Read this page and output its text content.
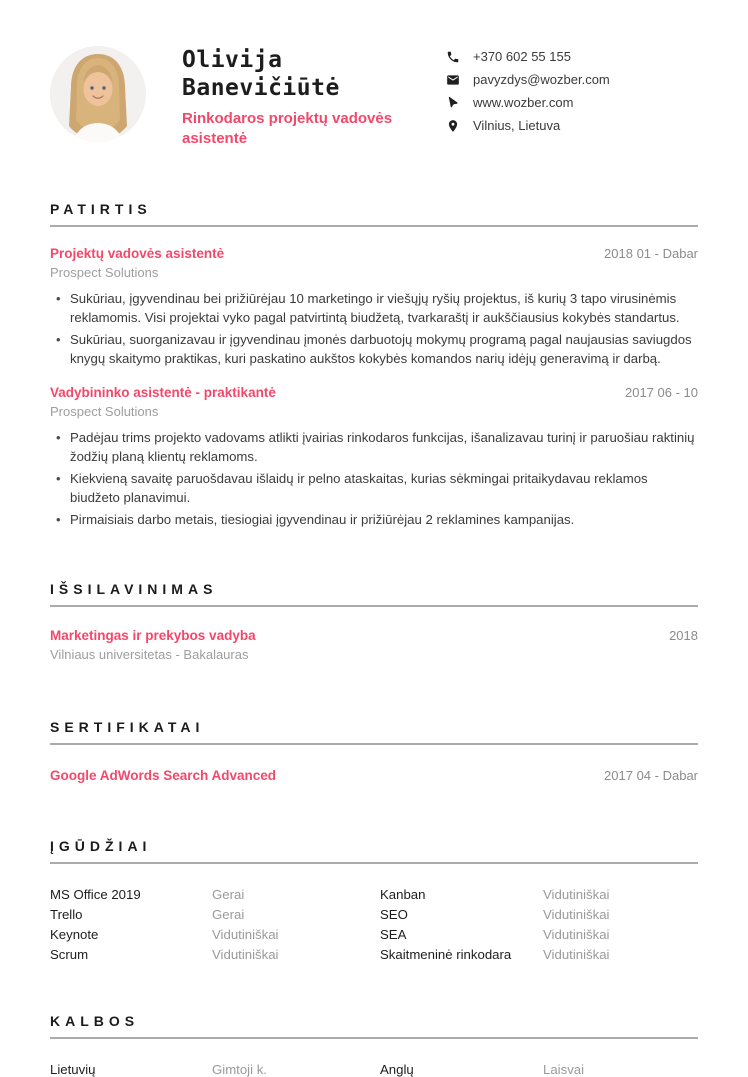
Olivija
Banevičiūtė
Rinkodaros projektų vadovės asistentė
+370 602 55 155
pavyzdys@wozber.com
www.wozber.com
Vilnius, Lietuva
PATIRTIS
Projektų vadovės asistentė	2018 01 - Dabar
Prospect Solutions
• Sukūriau, įgyvendinau bei prižiūrėjau 10 marketingo ir viešųjų ryšių projektus, iš kurių 3 tapo virusinėmis reklamomis. Visi projektai vyko pagal patvirtintą biudžetą, tvarkaraštį ir aukščiausius kokybės standartus.
• Sukūriau, suorganizavau ir įgyvendinau įmonės darbuotojų mokymų programą pagal naujausias saviugdos knygų skaitymo praktikas, kuri paskatino aukštos kokybės komandos narių idėjų generavimą ir darbą.
Vadybininko asistentė - praktikantė	2017 06 - 10
Prospect Solutions
• Padėjau trims projekto vadovams atlikti įvairias rinkodaros funkcijas, išanalizavau turinį ir paruošiau raktinių žodžių planą klientų reklamoms.
• Kiekvieną savaitę paruošdavau išlaidų ir pelno ataskaitas, kurias sėkmingai pritaikydavau reklamos biudžeto planavimui.
• Pirmaisiais darbo metais, tiesiogiai įgyvendinau ir prižiūrėjau 2 reklamines kampanijas.
IŠSILAVINIMAS
Marketingas ir prekybos vadyba	2018
Vilniaus universitetas - Bakalauras
SERTIFIKATAI
Google AdWords Search Advanced	2017 04 - Dabar
ĮGŪDŽIAI
MS Office 2019	Gerai	Kanban	Vidutiniškai
Trello	Gerai	SEO	Vidutiniškai
Keynote	Vidutiniškai	SEA	Vidutiniškai
Scrum	Vidutiniškai	Skaitmeninė rinkodara	Vidutiniškai
KALBOS
Lietuvių	Gimtoji k.	Anglų	Laisvai
